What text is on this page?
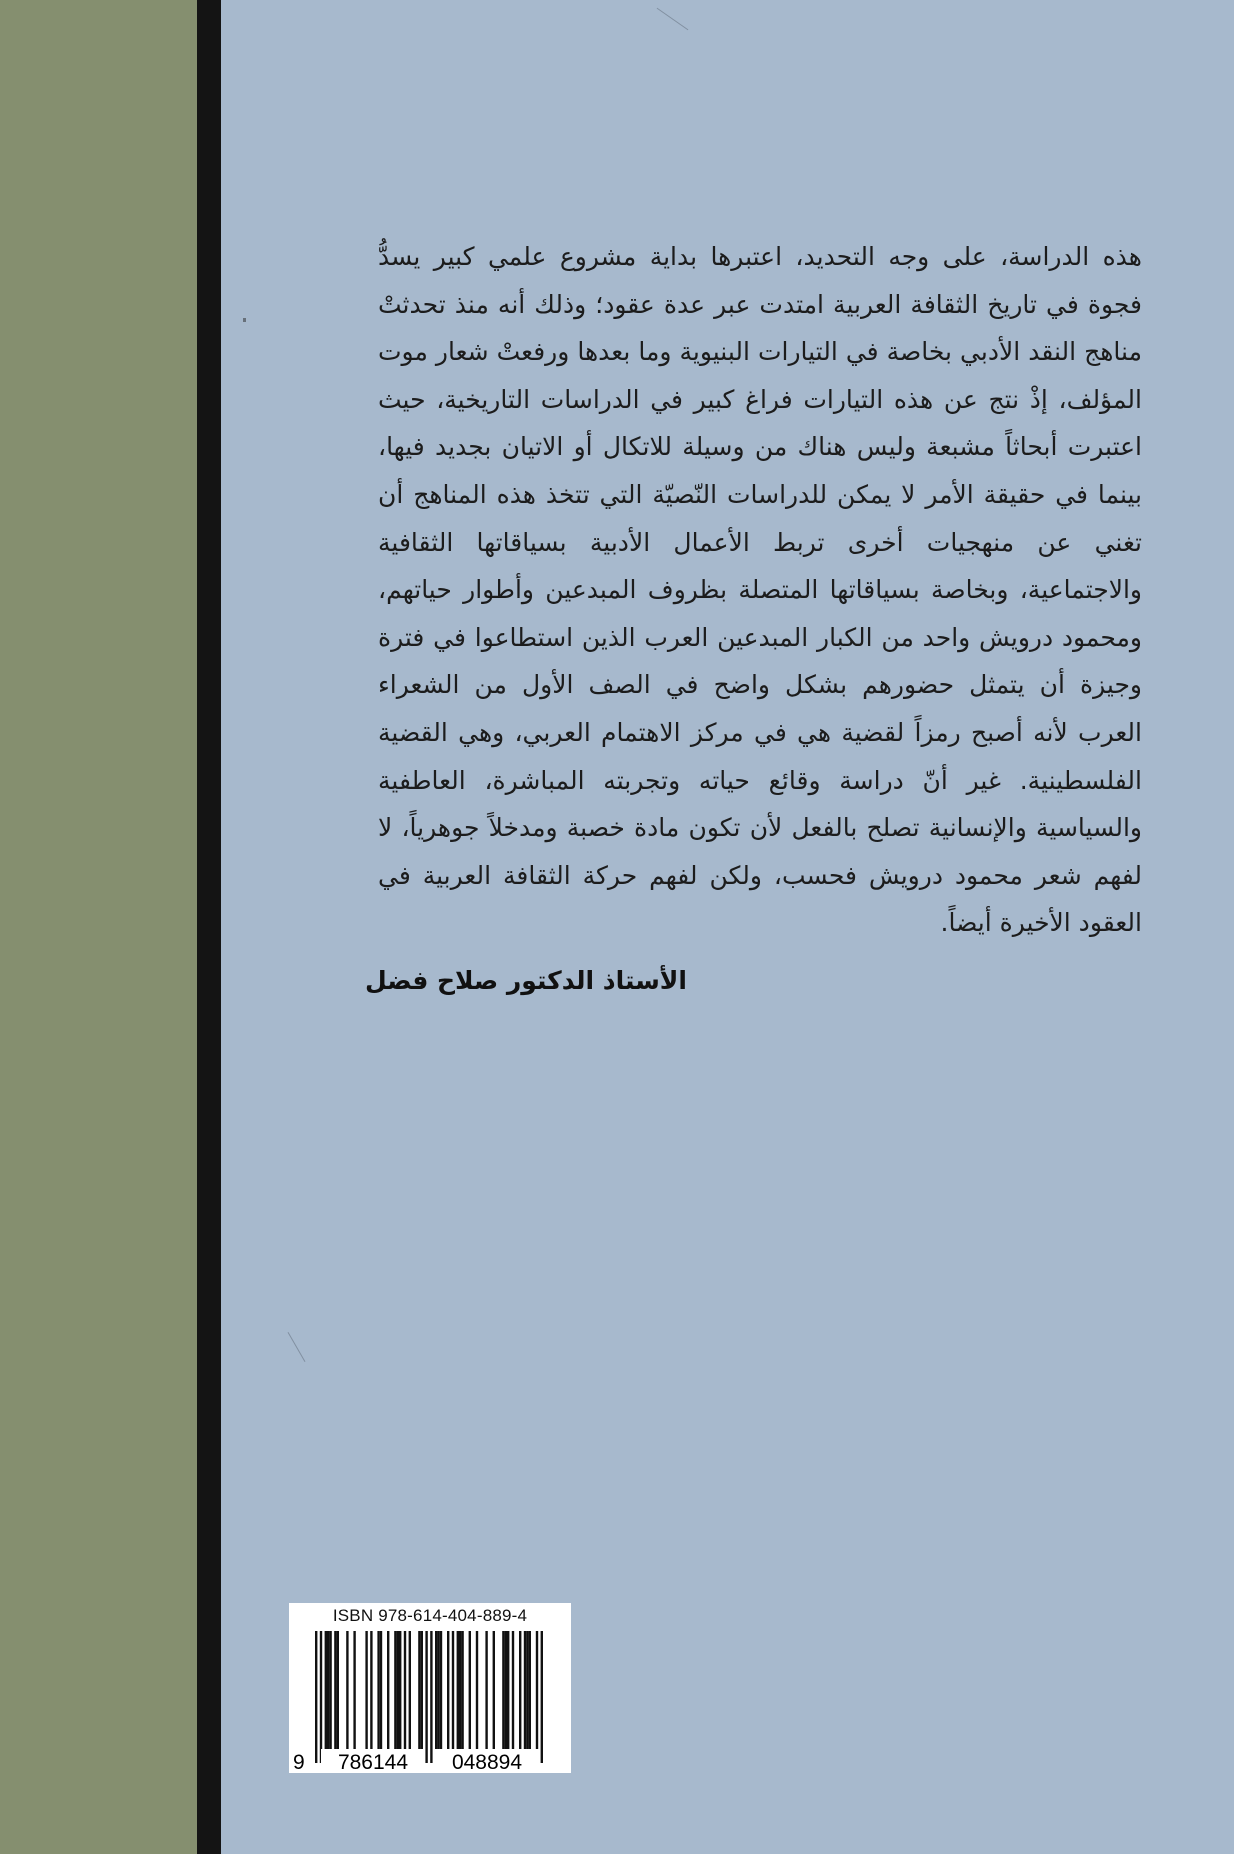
هذه الدراسة، على وجه التحديد، اعتبرها بداية مشروع علمي كبير يسدُّ فجوة في تاريخ الثقافة العربية امتدت عبر عدة عقود؛ وذلك أنه منذ تحدثتْ مناهج النقد الأدبي بخاصة في التيارات البنيوية وما بعدها ورفعتْ شعار موت المؤلف، إذْ نتج عن هذه التيارات فراغ كبير في الدراسات التاريخية، حيث اعتبرت أبحاثاً مشبعة وليس هناك من وسيلة للاتكال أو الاتيان بجديد فيها، بينما في حقيقة الأمر لا يمكن للدراسات النّصيّة التي تتخذ هذه المناهج أن تغني عن منهجيات أخرى تربط الأعمال الأدبية بسياقاتها الثقافية والاجتماعية، وبخاصة بسياقاتها المتصلة بظروف المبدعين وأطوار حياتهم، ومحمود درويش واحد من الكبار المبدعين العرب الذين استطاعوا في فترة وجيزة أن يتمثل حضورهم بشكل واضح في الصف الأول من الشعراء العرب لأنه أصبح رمزاً لقضية هي في مركز الاهتمام العربي، وهي القضية الفلسطينية. غير أنّ دراسة وقائع حياته وتجربته المباشرة، العاطفية والسياسية والإنسانية تصلح بالفعل لأن تكون مادة خصبة ومدخلاً جوهرياً، لا لفهم شعر محمود درويش فحسب، ولكن لفهم حركة الثقافة العربية في العقود الأخيرة أيضاً.

الأستاذ الدكتور صلاح فضل
ISBN 978-614-404-889-4
9 786144 048894
